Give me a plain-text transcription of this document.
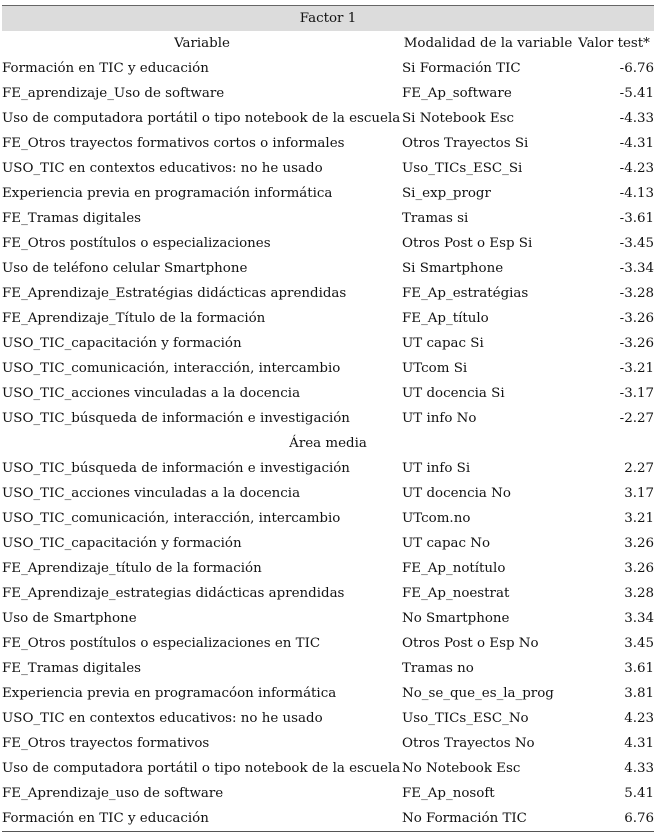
Factor 1		
Variable	Modalidad de la variable	Valor test*
Formación en TIC y educación	Si Formación TIC	-6.76
FE_aprendizaje_Uso de software	FE_Ap_software	-5.41
Uso de computadora portátil o tipo notebook de la escuela	Si Notebook Esc	-4.33
FE_Otros trayectos formativos cortos o informales	Otros Trayectos Si	-4.31
USO_TIC en contextos educativos: no he usado	Uso_TICs_ESC_Si	-4.23
Experiencia previa en programación informática	Si_exp_progr	-4.13
FE_Tramas digitales	Tramas si	-3.61
FE_Otros postítulos o especializaciones	Otros Post o Esp Si	-3.45
Uso de teléfono celular Smartphone	Si Smartphone	-3.34
FE_Aprendizaje_Estratégias didácticas aprendidas	FE_Ap_estratégias	-3.28
FE_Aprendizaje_Título de la formación	FE_Ap_título	-3.26
USO_TIC_capacitación y formación	UT capac Si	-3.26
USO_TIC_comunicación, interacción, intercambio	UTcom Si	-3.21
USO_TIC_acciones vinculadas a la docencia	UT docencia Si	-3.17
USO_TIC_búsqueda de información e investigación	UT info No	-2.27
Área media		
USO_TIC_búsqueda de información e investigación	UT info Si	2.27
USO_TIC_acciones vinculadas a la docencia	UT docencia No	3.17
USO_TIC_comunicación, interacción, intercambio	UTcom.no	3.21
USO_TIC_capacitación y formación	UT capac No	3.26
FE_Aprendizaje_título de la formación	FE_Ap_notítulo	3.26
FE_Aprendizaje_estrategias didácticas aprendidas	FE_Ap_noestrat	3.28
Uso de Smartphone	No Smartphone	3.34
FE_Otros postítulos o especializaciones en TIC	Otros Post o Esp No	3.45
FE_Tramas digitales	Tramas no	3.61
Experiencia previa en programacóon informática	No_se_que_es_la_prog	3.81
USO_TIC en contextos educativos: no he usado	Uso_TICs_ESC_No	4.23
FE_Otros trayectos formativos	Otros Trayectos No	4.31
Uso de computadora portátil o tipo notebook de la escuela	No Notebook Esc	4.33
FE_Aprendizaje_uso de software	FE_Ap_nosoft	5.41
Formación en TIC y educación	No Formación TIC	6.76
